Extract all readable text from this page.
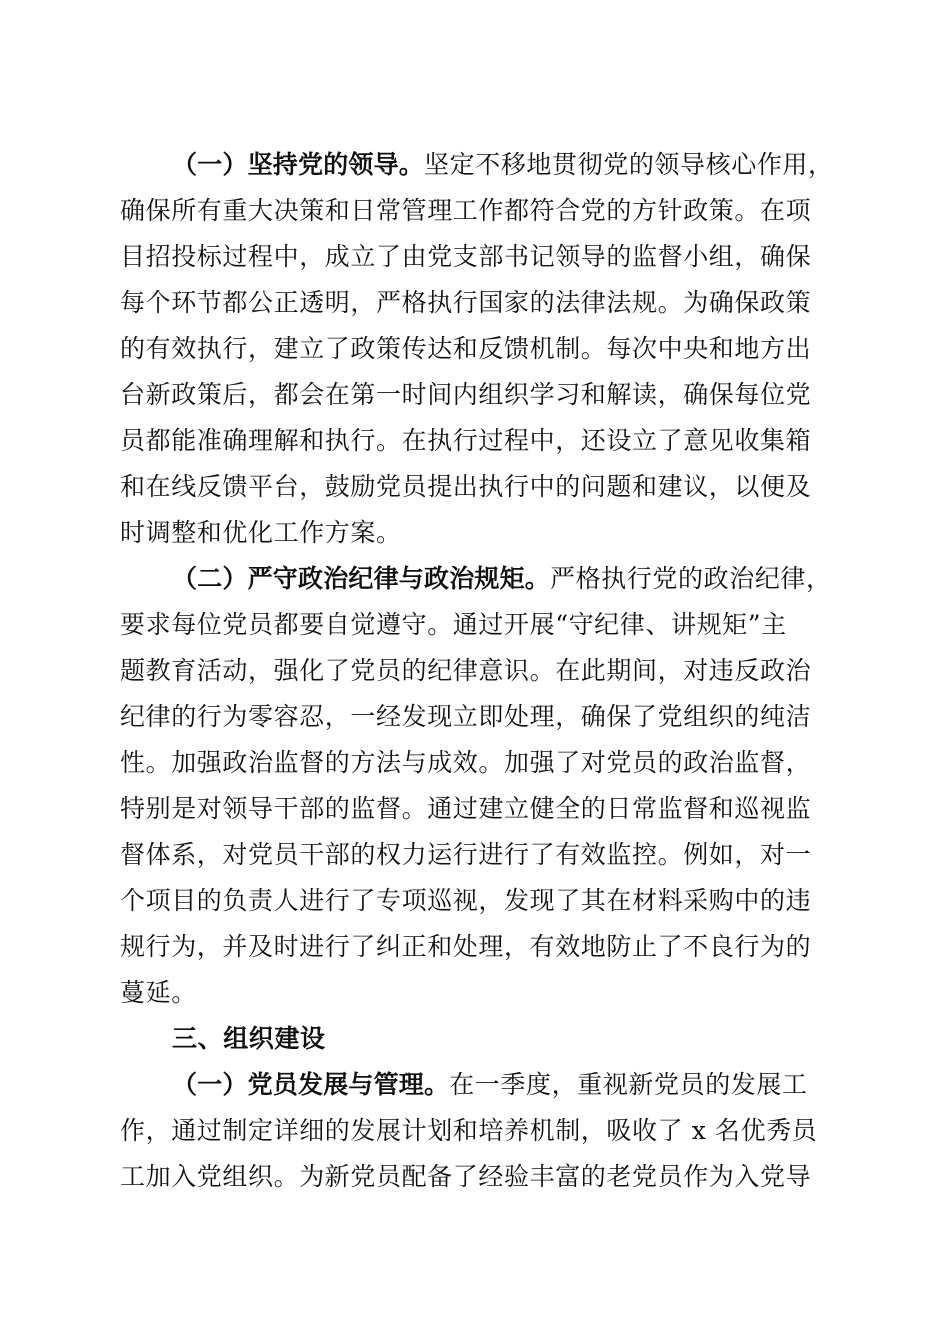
（一）坚持党的领导。坚定不移地贯彻党的领导核心作用，
确保所有重大决策和日常管理工作都符合党的方针政策。在项
目招投标过程中，成立了由党支部书记领导的监督小组，确保
每个环节都公正透明，严格执行国家的法律法规。为确保政策
的有效执行，建立了政策传达和反馈机制。每次中央和地方出
台新政策后，都会在第一时间内组织学习和解读，确保每位党
员都能准确理解和执行。在执行过程中，还设立了意见收集箱
和在线反馈平台，鼓励党员提出执行中的问题和建议，以便及
时调整和优化工作方案。
（二）严守政治纪律与政治规矩。严格执行党的政治纪律，
要求每位党员都要自觉遵守。通过开展“守纪律、讲规矩”主
题教育活动，强化了党员的纪律意识。在此期间，对违反政治
纪律的行为零容忍，一经发现立即处理，确保了党组织的纯洁
性。加强政治监督的方法与成效。加强了对党员的政治监督，
特别是对领导干部的监督。通过建立健全的日常监督和巡视监
督体系，对党员干部的权力运行进行了有效监控。例如，对一
个项目的负责人进行了专项巡视，发现了其在材料采购中的违
规行为，并及时进行了纠正和处理，有效地防止了不良行为的
蔓延。
三、组织建设
（一）党员发展与管理。在一季度，重视新党员的发展工
作，通过制定详细的发展计划和培养机制，吸收了 x 名优秀员
工加入党组织。为新党员配备了经验丰富的老党员作为入党导
